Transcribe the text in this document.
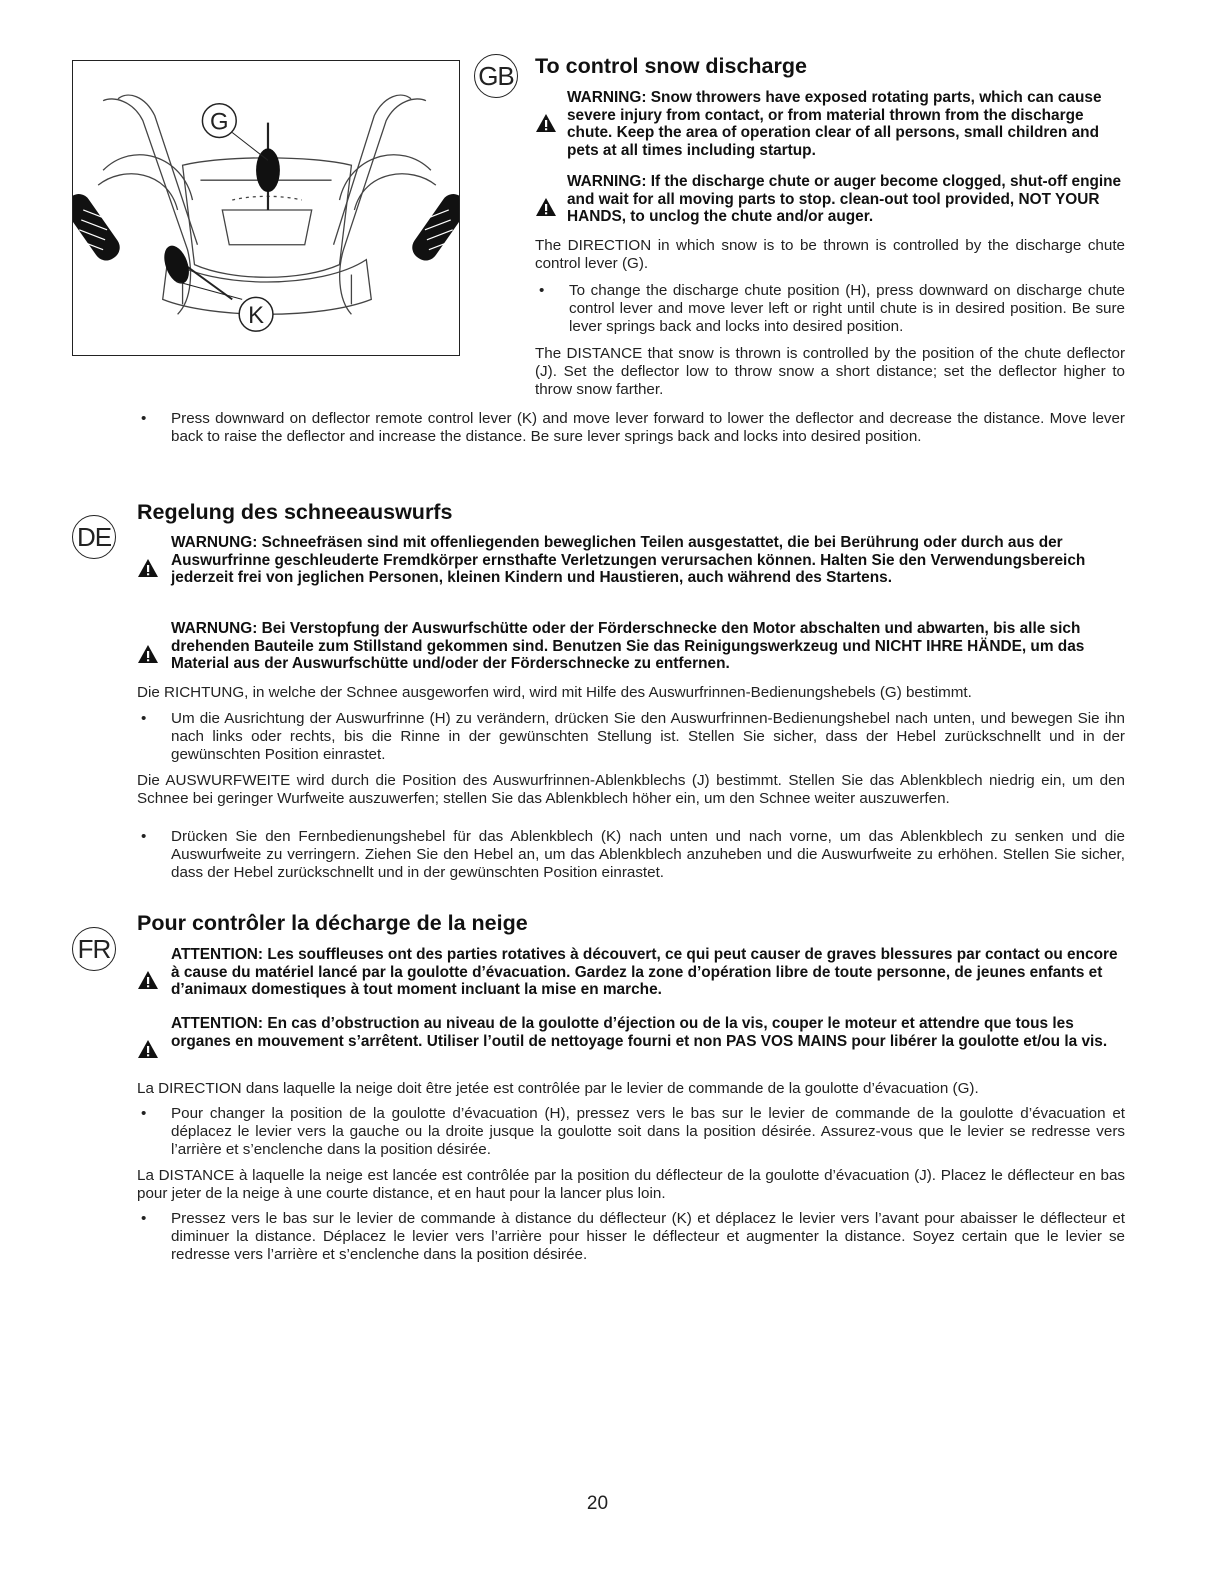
G
K
GB To control snow discharge
WARNING: Snow throwers have exposed rotating parts, which can cause severe injury from contact, or from material thrown from the discharge chute. Keep the area of operation clear of all persons, small children and pets at all times including startup.
WARNING: If the discharge chute or auger become clogged, shut-off engine and wait for all moving parts to stop. clean-out tool provided, NOT YOUR HANDS, to unclog the chute and/or auger.
The DIRECTION in which snow is to be thrown is controlled by the discharge chute control lever (G).
•	To change the discharge chute position (H), press downward on discharge chute control lever and move lever left or right until chute is in desired position. Be sure lever springs back and locks into desired position.
The DISTANCE that snow is thrown is controlled by the position of the chute deflector (J). Set the deflector low to throw snow a short distance; set the deflector higher to throw snow farther.
•	Press downward on deflector remote control lever (K) and move lever forward to lower the deflector and decrease the distance. Move lever back to raise the deflector and increase the distance. Be sure lever springs back and locks into desired position.
DE
Regelung des schneeauswurfs
WARNUNG: Schneefräsen sind mit offenliegenden beweglichen Teilen ausgestattet, die bei Berührung oder durch aus der Auswurfrinne geschleuderte Fremdkörper ernsthafte Verletzungen verursachen können. Halten Sie den Verwendungsbereich jederzeit frei von jeglichen Personen, kleinen Kindern und Haustieren, auch während des Startens.
WARNUNG: Bei Verstopfung der Auswurfschütte oder der Förderschnecke den Motor abschalten und abwarten, bis alle sich drehenden Bauteile zum Stillstand gekommen sind. Benutzen Sie das Reinigungswerkzeug und NICHT IHRE HÄNDE, um das Material aus der Auswurfschütte und/oder der Förderschnecke zu entfernen.
Die RICHTUNG, in welche der Schnee ausgeworfen wird, wird mit Hilfe des Auswurfrinnen-Bedienungshebels (G) bestimmt.
•	Um die Ausrichtung der Auswurfrinne (H) zu verändern, drücken Sie den Auswurfrinnen-Bedienungshebel nach unten, und bewegen Sie ihn nach links oder rechts, bis die Rinne in der gewünschten Stellung ist. Stellen Sie sicher, dass der Hebel zurückschnellt und in der gewünschten Position einrastet.
Die AUSWURFWEITE wird durch die Position des Auswurfrinnen-Ablenkblechs (J) bestimmt. Stellen Sie das Ablenkblech niedrig ein, um den Schnee bei geringer Wurfweite auszuwerfen; stellen Sie das Ablenkblech höher ein, um den Schnee weiter auszuwerfen.
•	Drücken Sie den Fernbedienungshebel für das Ablenkblech (K) nach unten und nach vorne, um das Ablenkblech zu senken und die Auswurfweite zu verringern. Ziehen Sie den Hebel an, um das Ablenkblech anzuheben und die Auswurfweite zu erhöhen. Stellen Sie sicher, dass der Hebel zurückschnellt und in der gewünschten Position einrastet.
FR
Pour contrôler la décharge de la neige
ATTENTION: Les souffleuses ont des parties rotatives à découvert, ce qui peut causer de graves blessures par contact ou encore à cause du matériel lancé par la goulotte d’évacuation. Gardez la zone d’opération libre de toute personne, de jeunes enfants et d’animaux domestiques à tout moment incluant la mise en marche.
ATTENTION: En cas d’obstruction au niveau de la goulotte d’éjection ou de la vis, couper le moteur et attendre que tous les organes en mouvement s’arrêtent. Utiliser l’outil de nettoyage fourni et non PAS VOS MAINS pour libérer la goulotte et/ou la vis.
La DIRECTION dans laquelle la neige doit être jetée est contrôlée par le levier de commande de la goulotte d’évacuation (G).
•	Pour changer la position de la goulotte d’évacuation (H), pressez vers le bas sur le levier de commande de la goulotte d’évacuation et déplacez le levier vers la gauche ou la droite jusque la goulotte soit dans la position désirée. Assurez-vous que le levier se redresse vers l’arrière et s’enclenche dans la position désirée.
La DISTANCE à laquelle la neige est lancée est contrôlée par la position du déflecteur de la goulotte d’évacuation (J). Placez le déflecteur en bas pour jeter de la neige à une courte distance, et en haut pour la lancer plus loin.
•	Pressez vers le bas sur le levier de commande à distance du déflecteur (K) et déplacez le levier vers l’avant pour abaisser le déflecteur et diminuer la distance. Déplacez le levier vers l’arrière pour hisser le déflecteur et augmenter la distance. Soyez certain que le levier se redresse vers l’arrière et s’enclenche dans la position désirée.
20
